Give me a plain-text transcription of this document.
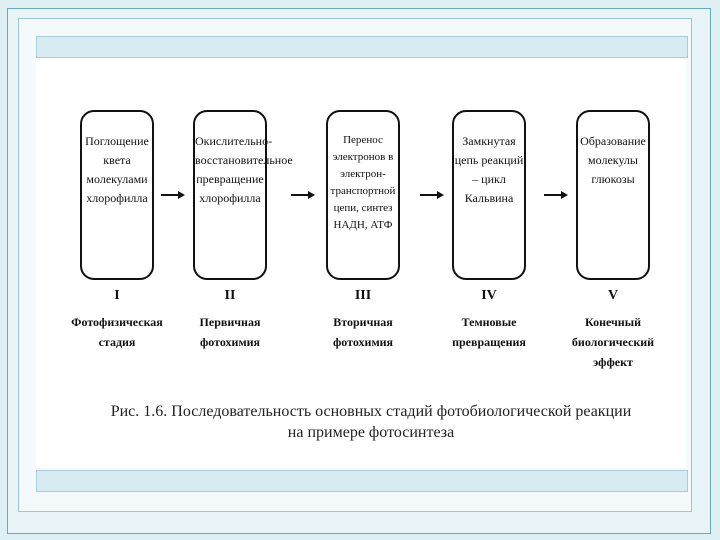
Поглощение
квета
молекулами
хлорофилла
Окислительно-
восстановительное
превращение
хлорофилла
Перенос
электронов в
электрон-
транспортной
цепи, синтез
НАДН, АТФ
Замкнутая
цепь реакций
– цикл
Кальвина
Образование
молекулы
глюкозы
I	II	III	IV	V
Фотофизическая
стадия
Первичная
фотохимия
Вторичная
фотохимия
Темновые
превращения
Конечный
биологический
эффект
Рис. 1.6. Последовательность основных стадий фотобиологической реакции
на примере фотосинтеза
